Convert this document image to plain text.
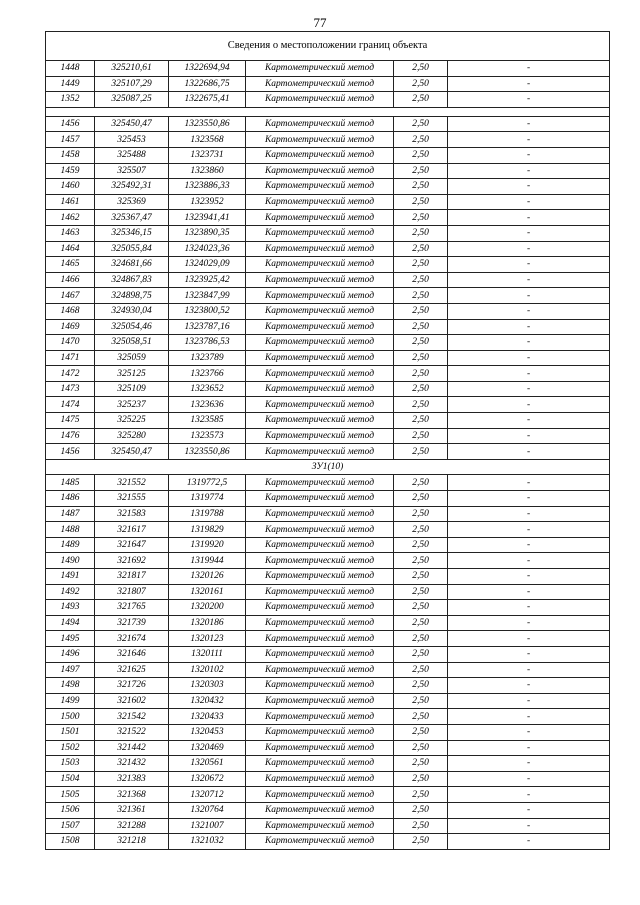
77
Сведения о местоположении границ объекта					
1448	325210,61	1322694,94	Картометрический метод	2,50	-
1449	325107,29	1322686,75	Картометрический метод	2,50	-
1352	325087,25	1322675,41	Картометрический метод	2,50	-

1456	325450,47	1323550,86	Картометрический метод	2,50	-
1457	325453	1323568	Картометрический метод	2,50	-
1458	325488	1323731	Картометрический метод	2,50	-
1459	325507	1323860	Картометрический метод	2,50	-
1460	325492,31	1323886,33	Картометрический метод	2,50	-
1461	325369	1323952	Картометрический метод	2,50	-
1462	325367,47	1323941,41	Картометрический метод	2,50	-
1463	325346,15	1323890,35	Картометрический метод	2,50	-
1464	325055,84	1324023,36	Картометрический метод	2,50	-
1465	324681,66	1324029,09	Картометрический метод	2,50	-
1466	324867,83	1323925,42	Картометрический метод	2,50	-
1467	324898,75	1323847,99	Картометрический метод	2,50	-
1468	324930,04	1323800,52	Картометрический метод	2,50	-
1469	325054,46	1323787,16	Картометрический метод	2,50	-
1470	325058,51	1323786,53	Картометрический метод	2,50	-
1471	325059	1323789	Картометрический метод	2,50	-
1472	325125	1323766	Картометрический метод	2,50	-
1473	325109	1323652	Картометрический метод	2,50	-
1474	325237	1323636	Картометрический метод	2,50	-
1475	325225	1323585	Картометрический метод	2,50	-
1476	325280	1323573	Картометрический метод	2,50	-
1456	325450,47	1323550,86	Картометрический метод	2,50	-
ЗУ1(10)					
1485	321552	1319772,5	Картометрический метод	2,50	-
1486	321555	1319774	Картометрический метод	2,50	-
1487	321583	1319788	Картометрический метод	2,50	-
1488	321617	1319829	Картометрический метод	2,50	-
1489	321647	1319920	Картометрический метод	2,50	-
1490	321692	1319944	Картометрический метод	2,50	-
1491	321817	1320126	Картометрический метод	2,50	-
1492	321807	1320161	Картометрический метод	2,50	-
1493	321765	1320200	Картометрический метод	2,50	-
1494	321739	1320186	Картометрический метод	2,50	-
1495	321674	1320123	Картометрический метод	2,50	-
1496	321646	1320111	Картометрический метод	2,50	-
1497	321625	1320102	Картометрический метод	2,50	-
1498	321726	1320303	Картометрический метод	2,50	-
1499	321602	1320432	Картометрический метод	2,50	-
1500	321542	1320433	Картометрический метод	2,50	-
1501	321522	1320453	Картометрический метод	2,50	-
1502	321442	1320469	Картометрический метод	2,50	-
1503	321432	1320561	Картометрический метод	2,50	-
1504	321383	1320672	Картометрический метод	2,50	-
1505	321368	1320712	Картометрический метод	2,50	-
1506	321361	1320764	Картометрический метод	2,50	-
1507	321288	1321007	Картометрический метод	2,50	-
1508	321218	1321032	Картометрический метод	2,50	-
